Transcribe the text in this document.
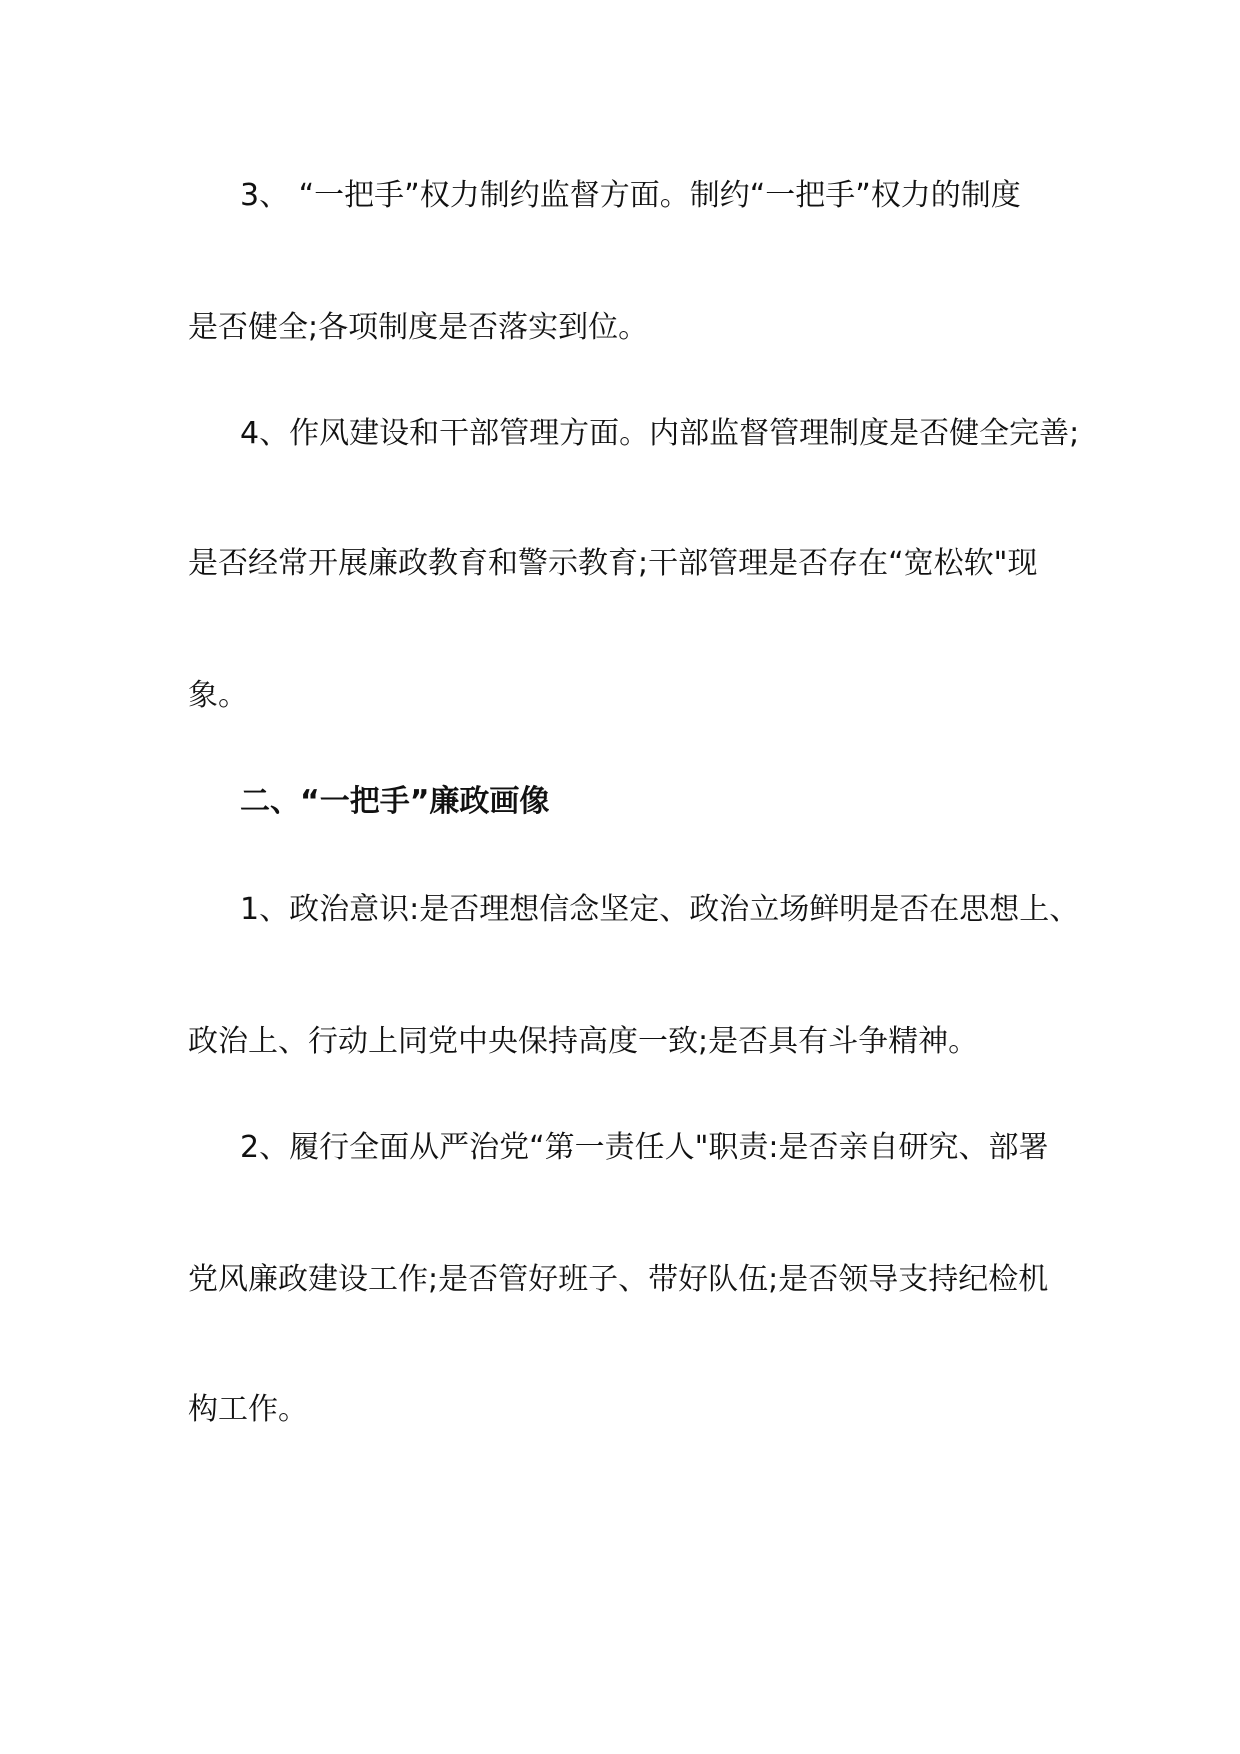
3、 “一把手”权力制约监督方面。制约“一把手”权力的制度

是否健全;各项制度是否落实到位。

4、作风建设和干部管理方面。内部监督管理制度是否健全完善;

是否经常开展廉政教育和警示教育;干部管理是否存在“宽松软"现

象。

二、“一把手”廉政画像

1、政治意识:是否理想信念坚定、政治立场鲜明是否在思想上、

政治上、行动上同党中央保持高度一致;是否具有斗争精神。

2、履行全面从严治党“第一责任人"职责:是否亲自研究、部署

党风廉政建设工作;是否管好班子、带好队伍;是否领导支持纪检机

构工作。
